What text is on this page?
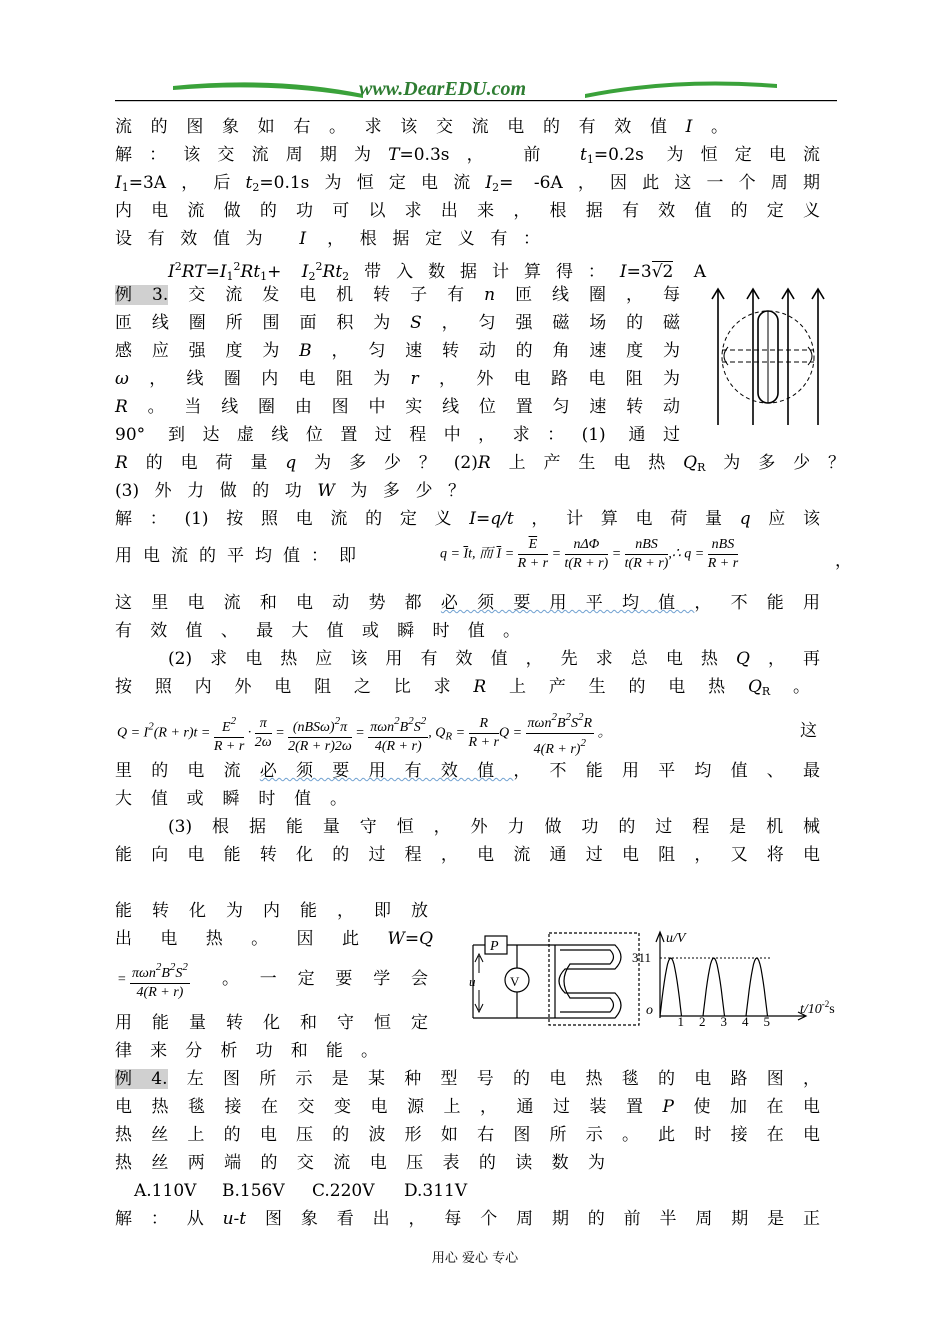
www.DearEDU.com
流的图象如右。求该交流电的有效值I。
解：该交流周期为T=0.3s， 前 $t_1=0.2s$ 为恒定电流
$I_1=3A$，后$t_2=0.1s$为恒定电流$I_2= -6A$，因此这一个周期
内电流做的功可以求出来，根据有效值的定义
设有效值为 I ，根据定义有：
$I^2RT=I_1^2Rt_1+ I_2^2Rt_2$带入数据计算得：I=3√2 A
例3.交流发电机转子有n匝线圈，每
匝线圈所围面积为S，匀强磁场的磁
感应强度为B，匀速转动的角速度为
ω，线圈内电阻为r，外电路电阻为
R。当线圈由图中实线位置匀速转动
90° 到达虚线位置过程中，求：(1) 通过
R的电荷量q为多少？(2)R上产生电热$Q_R$为多少？
(3)外力做的功W为多少？
解：(1)按照电流的定义I=q/t，计算电荷量q应该
用电流的平均值：即	$q = \overline{I}t$, 而 $\overline{I} = \frac{\overline{E}}{R + r} = \frac{\text{nΔΦ}}{t(R + r)} = \frac{\text{nBS}}{t(R + r)}$ ,∴ $q = \frac{\text{nBS}}{R + r}$	，
这里电流和电动势都必须要用平均值，不能用
有效值、最大值或瞬时值。
(2)求电热应该用有效值，先求总电热Q，再
按照内外电阻之比求R上产生的电热$Q_R$。
$Q = I^2(R + r)t = \frac{E^2}{R + r} \cdot \frac{\pi}{2\omega} = \frac{(nBS\omega)^2\pi}{2(R + r)2\omega} = \frac{\pi\omega n^2B^2S^2}{4(R + r)}$ , $Q_R = \frac{R}{R + r}$ $Q = \frac{\pi\omega n^2B^2S^2R}{4(R + r)^2}$ 。	这
里的电流必须要用有效值，不能用平均值、最
大值或瞬时值。
(3)根据能量守恒，外力做功的过程是机械
能向电能转化的过程，电流通过电阻，又将电
能转化为内能，即放
出电热。因此W=Q
= $\frac{\pi\omega n^2B^2S^2}{4(R + r)}$ 。一定要学会
用能量转化和守恒定
律来分析功和能。
P
V
u
u/V
311
o
1 2 3 4 5
$t/10^{-2}s$
例4.左图所示是某种型号的电热毯的电路图，
电热毯接在交变电源上，通过装置P使加在电
热丝上的电压的波形如右图所示。此时接在电
热丝两端的交流电压表的读数为
A.110V B.156V C.220V D.311V
解：从u-t图象看出，每个周期的前半周期是正
用心 爱心 专心
